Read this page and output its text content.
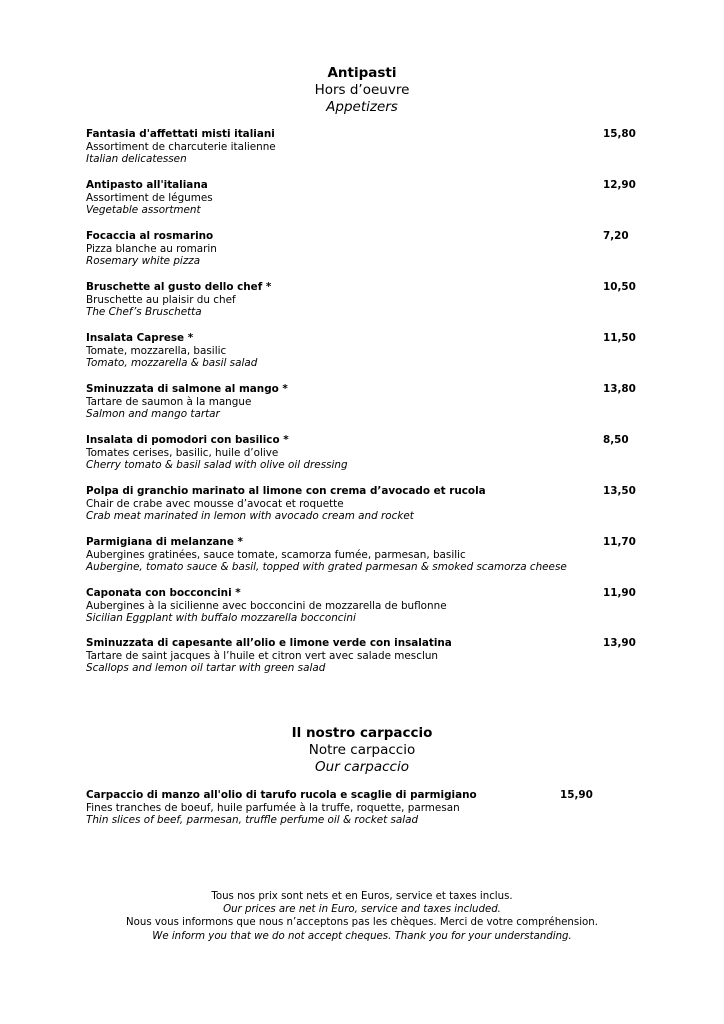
Antipasti
Hors d’oeuvre
Appetizers
Fantasia d'affettati misti italiani
Assortiment de charcuterie italienne
Italian delicatessen
15,80
Antipasto all'italiana
Assortiment de légumes
Vegetable assortment
12,90
Focaccia al rosmarino
Pizza blanche au romarin
Rosemary white pizza
7,20
Bruschette al gusto dello chef *
Bruschette au plaisir du chef
The Chef’s Bruschetta
10,50
Insalata Caprese *
Tomate, mozzarella, basilic
Tomato, mozzarella & basil salad
11,50
Sminuzzata di salmone al mango *
Tartare de saumon à la mangue
Salmon and mango tartar
13,80
Insalata di pomodori con basilico *
Tomates cerises, basilic, huile d’olive
Cherry tomato & basil salad with olive oil dressing
8,50
Polpa di granchio marinato al limone con crema d’avocado et rucola
Chair de crabe avec mousse d’avocat et roquette
Crab meat marinated in lemon with avocado cream and rocket
13,50
Parmigiana di melanzane *
Aubergines gratinées, sauce tomate, scamorza fumée, parmesan, basilic
Aubergine, tomato sauce & basil, topped with grated parmesan & smoked scamorza cheese
11,70
Caponata con bocconcini *
Aubergines à la sicilienne avec bocconcini de mozzarella de buflonne
Sicilian Eggplant with buffalo mozzarella bocconcini
11,90
Sminuzzata di capesante all’olio e limone verde con insalatina
Tartare de saint jacques à l’huile et citron vert avec salade mesclun
Scallops and lemon oil tartar with green salad
13,90
Il nostro carpaccio
Notre carpaccio
Our carpaccio
Carpaccio di manzo all'olio di tarufo rucola e scaglie di parmigiano
Fines tranches de boeuf, huile parfumée à la truffe, roquette, parmesan
Thin slices of beef, parmesan, truffle perfume oil & rocket salad
15,90
Tous nos prix sont nets et en Euros, service et taxes inclus.
Our prices are net in Euro, service and taxes included.
Nous vous informons que nous n’acceptons pas les chèques. Merci de votre compréhension.
We inform you that we do not accept cheques. Thank you for your understanding.
